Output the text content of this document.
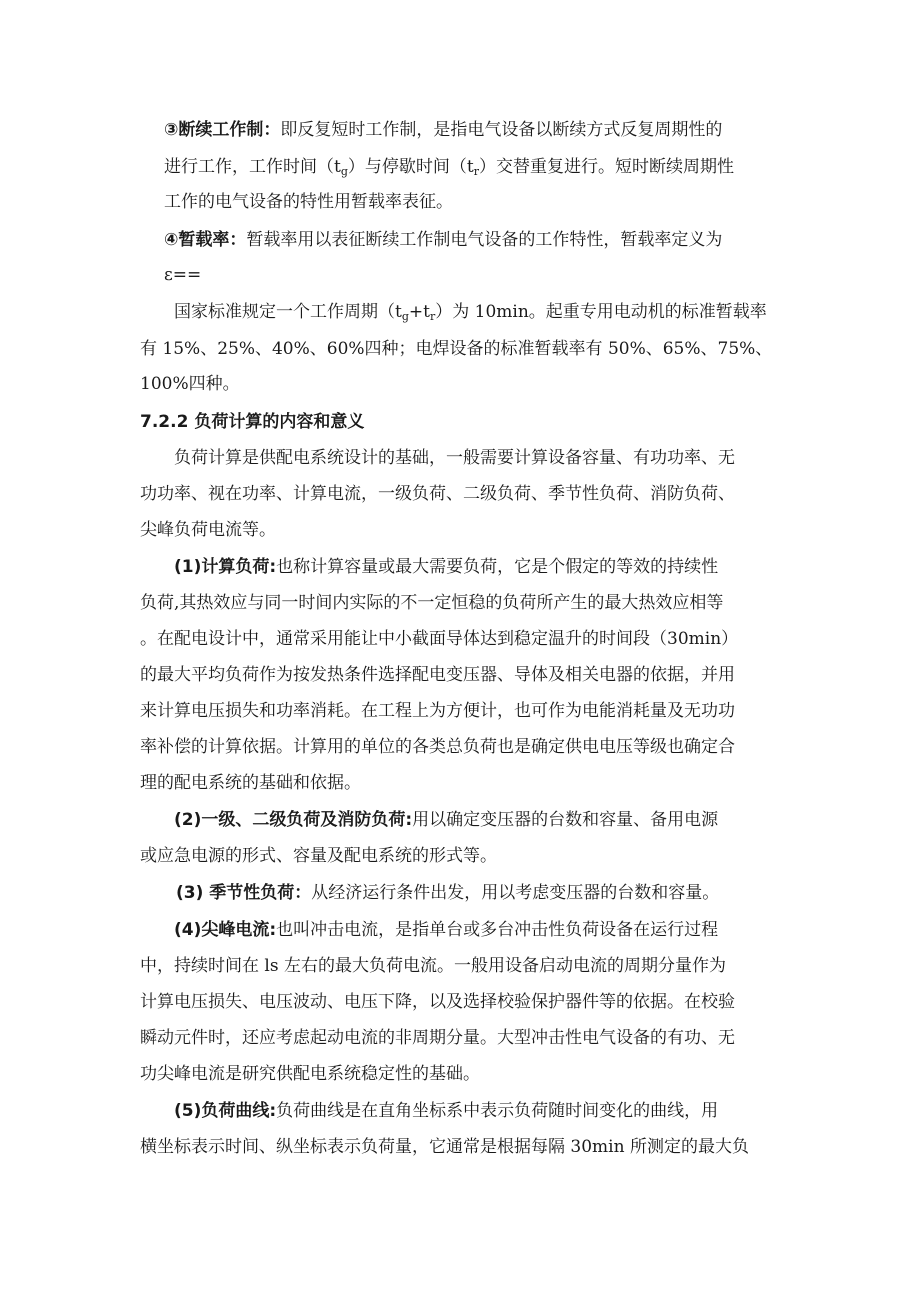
③断续工作制：即反复短时工作制，是指电气设备以断续方式反复周期性的
进行工作，工作时间$(t_g)$与停歇时间$(t_r)$交替重复进行。短时断续周期性
工作的电气设备的特性用暂载率表征。
④暂载率：暂载率用以表征断续工作制电气设备的工作特性，暂载率定义为
ε==
国家标准规定一个工作周期$(t_g+t_r)$为 10min。起重专用电动机的标准暂载率
有 15%、25%、40%、60%四种；电焊设备的标准暂载率有 50%、65%、75%、
100%四种。
7.2.2 负荷计算的内容和意义
负荷计算是供配电系统设计的基础，一般需要计算设备容量、有功功率、无
功功率、视在功率、计算电流，一级负荷、二级负荷、季节性负荷、消防负荷、
尖峰负荷电流等。
(1)计算负荷:也称计算容量或最大需要负荷，它是个假定的等效的持续性
负荷,其热效应与同一时间内实际的不一定恒稳的负荷所产生的最大热效应相等
。在配电设计中，通常采用能让中小截面导体达到稳定温升的时间段（30min）
的最大平均负荷作为按发热条件选择配电变压器、导体及相关电器的依据，并用
来计算电压损失和功率消耗。在工程上为方便计，也可作为电能消耗量及无功功
率补偿的计算依据。计算用的单位的各类总负荷也是确定供电电压等级也确定合
理的配电系统的基础和依据。
(2)一级、二级负荷及消防负荷:用以确定变压器的台数和容量、备用电源
或应急电源的形式、容量及配电系统的形式等。
(3) 季节性负荷：从经济运行条件出发，用以考虑变压器的台数和容量。
(4)尖峰电流:也叫冲击电流，是指单台或多台冲击性负荷设备在运行过程
中，持续时间在 ls 左右的最大负荷电流。一般用设备启动电流的周期分量作为
计算电压损失、电压波动、电压下降，以及选择校验保护器件等的依据。在校验
瞬动元件时，还应考虑起动电流的非周期分量。大型冲击性电气设备的有功、无
功尖峰电流是研究供配电系统稳定性的基础。
(5)负荷曲线:负荷曲线是在直角坐标系中表示负荷随时间变化的曲线，用
横坐标表示时间、纵坐标表示负荷量，它通常是根据每隔 30min 所测定的最大负
